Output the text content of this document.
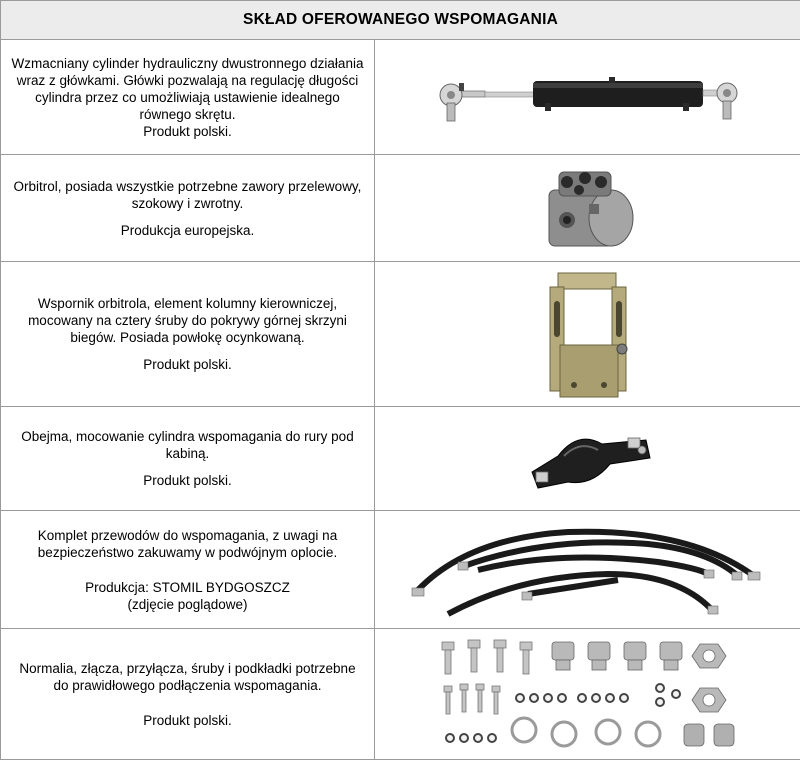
SKŁAD OFEROWANEGO WSPOMAGANIA	

Wzmacniany cylinder hydrauliczny dwustronnego działania wraz z główkami. Główki pozwalają na regulację długości cylindra przez co umożliwiają ustawienie idealnego równego skrętu.

Produkt polski.

Orbitrol, posiada wszystkie potrzebne zawory przelewowy, szokowy i zwrotny.

Produkcja europejska.

Wspornik orbitrola, element kolumny kierowniczej, mocowany na cztery śruby do pokrywy górnej skrzyni biegów. Posiada powłokę ocynkowaną.

Produkt polski.

Obejma, mocowanie cylindra wspomagania do rury pod kabiną.

Produkt polski.

Komplet przewodów do wspomagania, z uwagi na bezpieczeństwo zakuwamy w podwójnym oplocie.

Produkcja: STOMIL BYDGOSZCZ

(zdjęcie poglądowe)

Normalia, złącza, przyłącza, śruby i podkładki potrzebne do prawidłowego podłączenia wspomagania.

Produkt polski.
